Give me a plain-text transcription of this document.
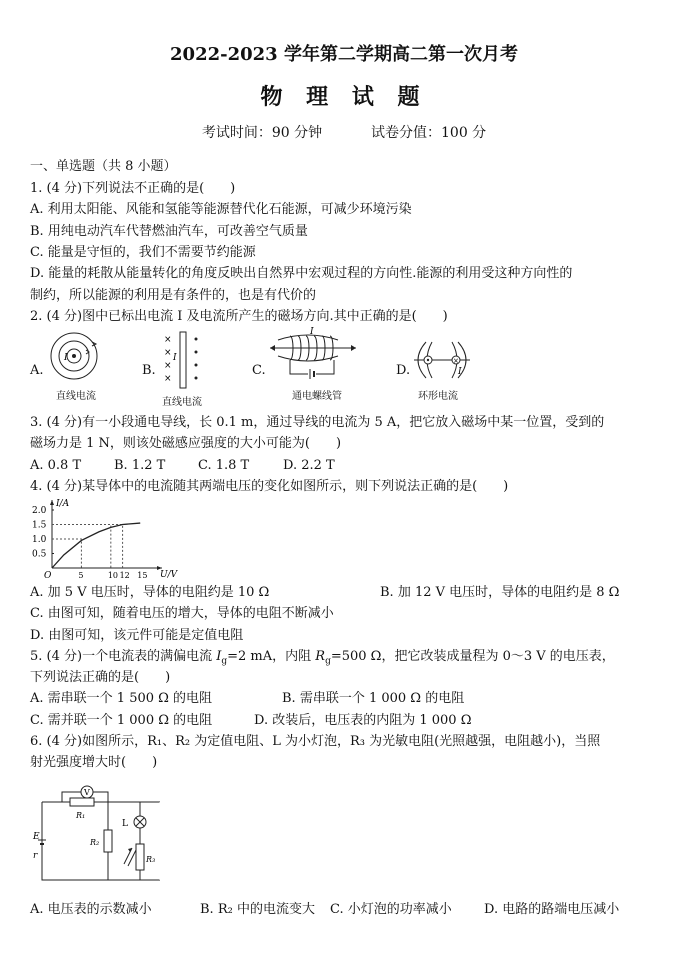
2022-2023 学年第二学期高二第一次月考
物 理 试 题
考试时间：90 分钟	试卷分值：100 分
一、单选题（共 8 小题）
1. (4 分)下列说法不正确的是(　　)
A. 利用太阳能、风能和氢能等能源替代化石能源，可减少环境污染
B. 用纯电动汽车代替燃油汽车，可改善空气质量
C. 能量是守恒的，我们不需要节约能源
D. 能量的耗散从能量转化的角度反映出自然界中宏观过程的方向性.能源的利用受这种方向性的
制约，所以能源的利用是有条件的，也是有代价的
2. (4 分)图中已标出电流 I 及电流所产生的磁场方向.其中正确的是(　　)
A.
I
直线电流
B.
×
×
×
×
I
直线电流
C.
I
通电螺线管
D.
×
I
环形电流
3. (4 分)有一小段通电导线，长 0.1 m，通过导线的电流为 5 A，把它放入磁场中某一位置，受到的
磁场力是 1 N，则该处磁感应强度的大小可能为(　　)
A. 0.8 T	B. 1.2 T	C. 1.8 T	D. 2.2 T
4. (4 分)某导体中的电流随其两端电压的变化如图所示，则下列说法正确的是(　　)
I/A
U/V
O
0.5
1.0
1.5
2.0
5	10 12 15
A. 加 5 V 电压时，导体的电阻约是 10 Ω	B. 加 12 V 电压时，导体的电阻约是 8 Ω
C. 由图可知，随着电压的增大，导体的电阻不断减小
D. 由图可知，该元件可能是定值电阻
5. (4 分)一个电流表的满偏电流 $I_g=2$ mA，内阻 $R_g=500$ Ω，把它改装成量程为 0～3 V 的电压表，
下列说法正确的是(　　)
A. 需串联一个 1 500 Ω 的电阻	B. 需串联一个 1 000 Ω 的电阻
C. 需并联一个 1 000 Ω 的电阻	D. 改装后，电压表的内阻为 1 000 Ω
6. (4 分)如图所示，R₁、R₂ 为定值电阻、L 为小灯泡，R₃ 为光敏电阻(光照越强，电阻越小)，当照
射光强度增大时(　　)
E
r
V
R₁
R₂
L
R₃
A. 电压表的示数减小	B. R₂ 中的电流变大 C. 小灯泡的功率减小 D. 电路的路端电压减小
